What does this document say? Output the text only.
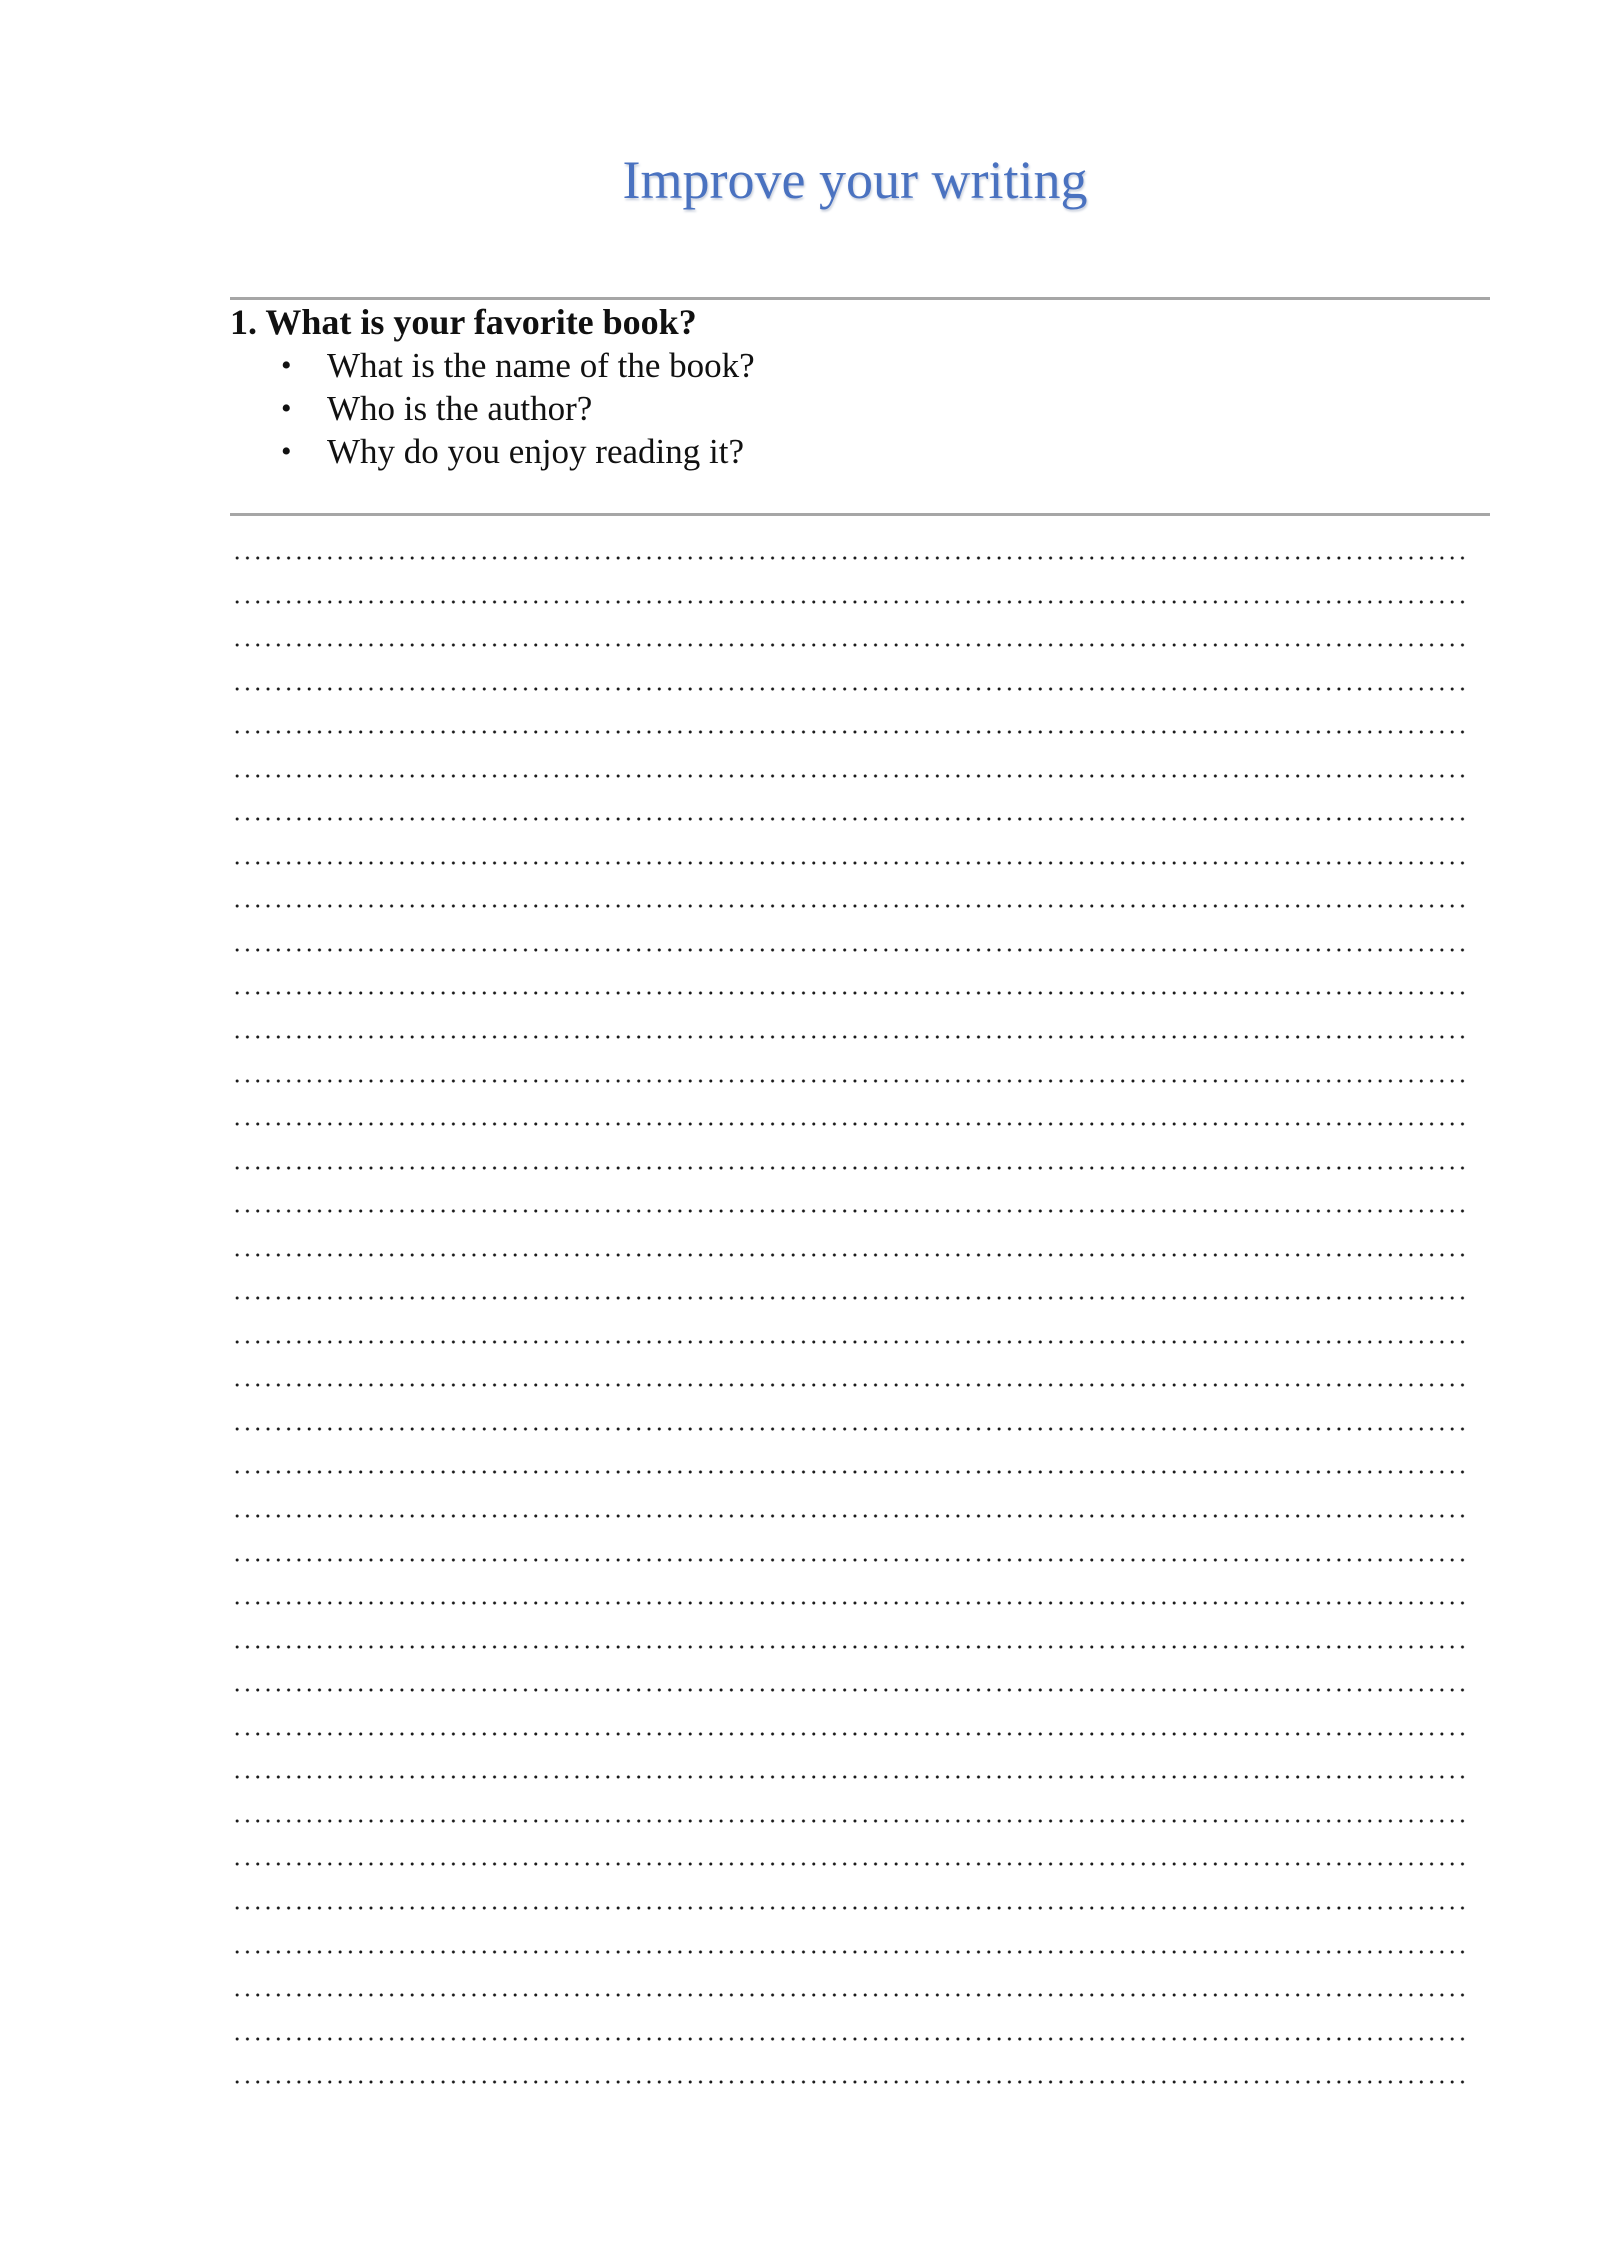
Improve your writing

1. What is your favorite book?

• What is the name of the book?
• Who is the author?
• Why do you enjoy reading it?
